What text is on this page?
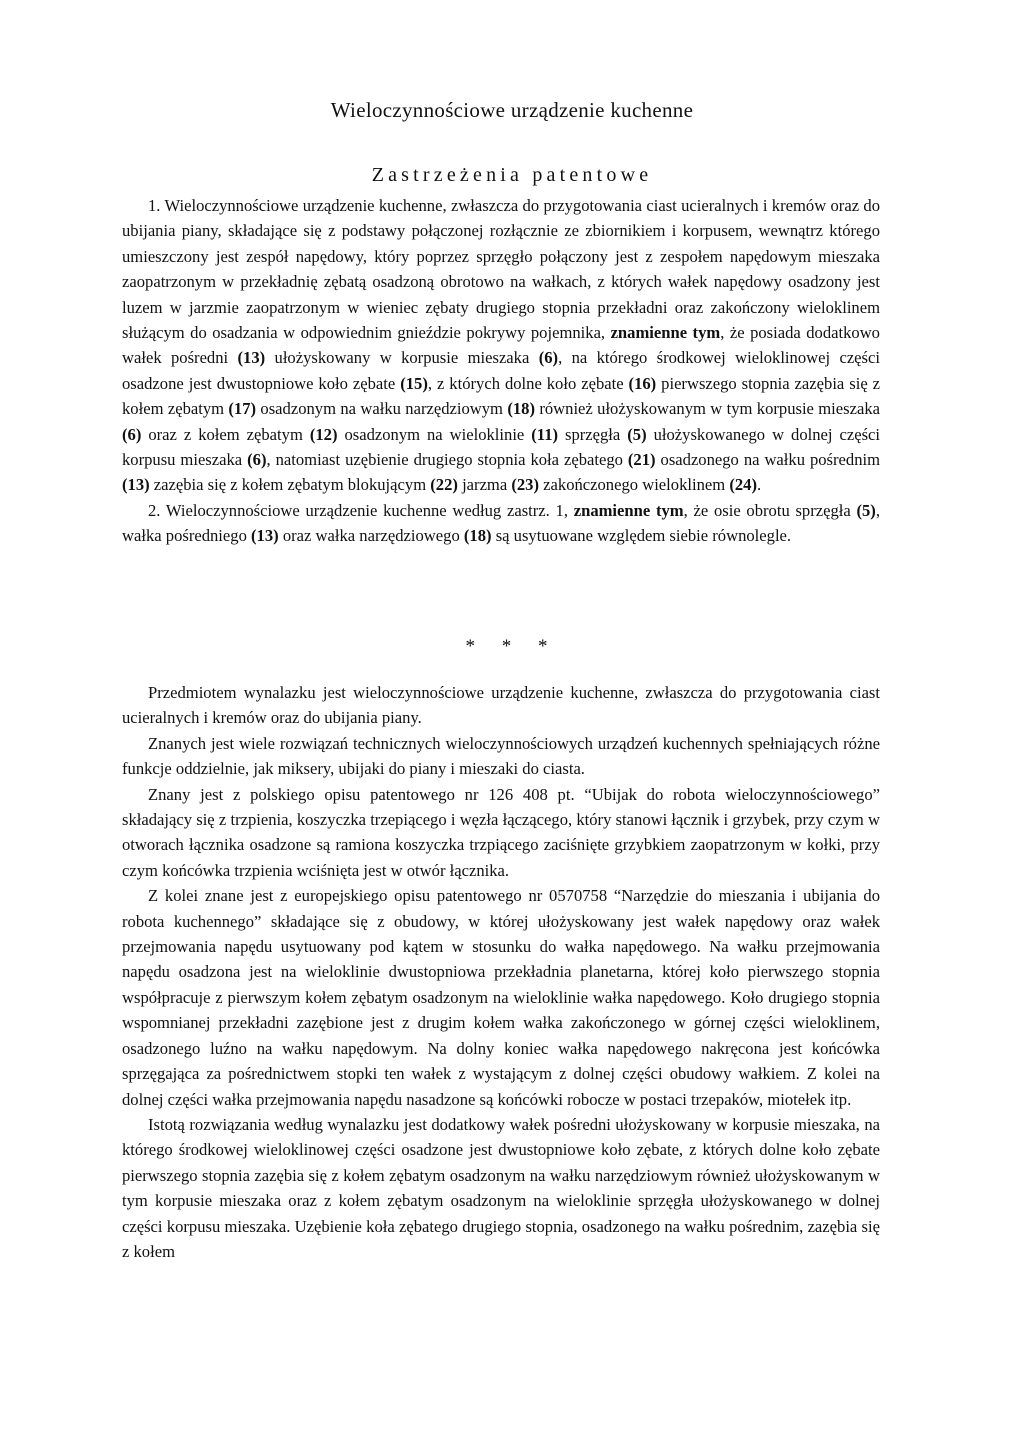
Wieloczynnościowe urządzenie kuchenne
Zastrzeżenia patentowe

1. Wieloczynnościowe urządzenie kuchenne, zwłaszcza do przygotowania ciast ucieralnych i kremów oraz do ubijania piany, składające się z podstawy połączonej rozłącznie ze zbiornikiem i korpusem, wewnątrz którego umieszczony jest zespół napędowy, który poprzez sprzęgło połączony jest z zespołem napędowym mieszaka zaopatrzonym w przekładnię zębatą osadzoną obrotowo na wałkach, z których wałek napędowy osadzony jest luzem w jarzmie zaopatrzonym w wieniec zębaty drugiego stopnia przekładni oraz zakończony wieloklinem służącym do osadzania w odpowiednim gnieździe pokrywy pojemnika, znamienne tym, że posiada dodatkowo wałek pośredni (13) ułożyskowany w korpusie mieszaka (6), na którego środkowej wieloklinowej części osadzone jest dwustopniowe koło zębate (15), z których dolne koło zębate (16) pierwszego stopnia zazębia się z kołem zębatym (17) osadzonym na wałku narzędziowym (18) również ułożyskowanym w tym korpusie mieszaka (6) oraz z kołem zębatym (12) osadzonym na wieloklinie (11) sprzęgła (5) ułożyskowanego w dolnej części korpusu mieszaka (6), natomiast uzębienie drugiego stopnia koła zębatego (21) osadzonego na wałku pośrednim (13) zazębia się z kołem zębatym blokującym (22) jarzma (23) zakończonego wieloklinem (24).

2. Wieloczynnościowe urządzenie kuchenne według zastrz. 1, znamienne tym, że osie obrotu sprzęgła (5), wałka pośredniego (13) oraz wałka narzędziowego (18) są usytuowane względem siebie równolegle.

* * *

Przedmiotem wynalazku jest wieloczynnościowe urządzenie kuchenne, zwłaszcza do przygotowania ciast ucieralnych i kremów oraz do ubijania piany.

Znanych jest wiele rozwiązań technicznych wieloczynnościowych urządzeń kuchennych spełniających różne funkcje oddzielnie, jak miksery, ubijaki do piany i mieszaki do ciasta.

Znany jest z polskiego opisu patentowego nr 126 408 pt. “Ubijak do robota wieloczynnościowego” składający się z trzpienia, koszyczka trzepiącego i węzła łączącego, który stanowi łącznik i grzybek, przy czym w otworach łącznika osadzone są ramiona koszyczka trzpiącego zaciśnięte grzybkiem zaopatrzonym w kołki, przy czym końcówka trzpienia wciśnięta jest w otwór łącznika.

Z kolei znane jest z europejskiego opisu patentowego nr 0570758 “Narzędzie do mieszania i ubijania do robota kuchennego” składające się z obudowy, w której ułożyskowany jest wałek napędowy oraz wałek przejmowania napędu usytuowany pod kątem w stosunku do wałka napędowego. Na wałku przejmowania napędu osadzona jest na wieloklinie dwustopniowa przekładnia planetarna, której koło pierwszego stopnia współpracuje z pierwszym kołem zębatym osadzonym na wieloklinie wałka napędowego. Koło drugiego stopnia wspomnianej przekładni zazębione jest z drugim kołem wałka zakończonego w górnej części wieloklinem, osadzonego luźno na wałku napędowym. Na dolny koniec wałka napędowego nakręcona jest końcówka sprzęgająca za pośrednictwem stopki ten wałek z wystającym z dolnej części obudowy wałkiem. Z kolei na dolnej części wałka przejmowania napędu nasadzone są końcówki robocze w postaci trzepaków, miotełek itp.

Istotą rozwiązania według wynalazku jest dodatkowy wałek pośredni ułożyskowany w korpusie mieszaka, na którego środkowej wieloklinowej części osadzone jest dwustopniowe koło zębate, z których dolne koło zębate pierwszego stopnia zazębia się z kołem zębatym osadzonym na wałku narzędziowym również ułożyskowanym w tym korpusie mieszaka oraz z kołem zębatym osadzonym na wieloklinie sprzęgła ułożyskowanego w dolnej części korpusu mieszaka. Uzębienie koła zębatego drugiego stopnia, osadzonego na wałku pośrednim, zazębia się z kołem
